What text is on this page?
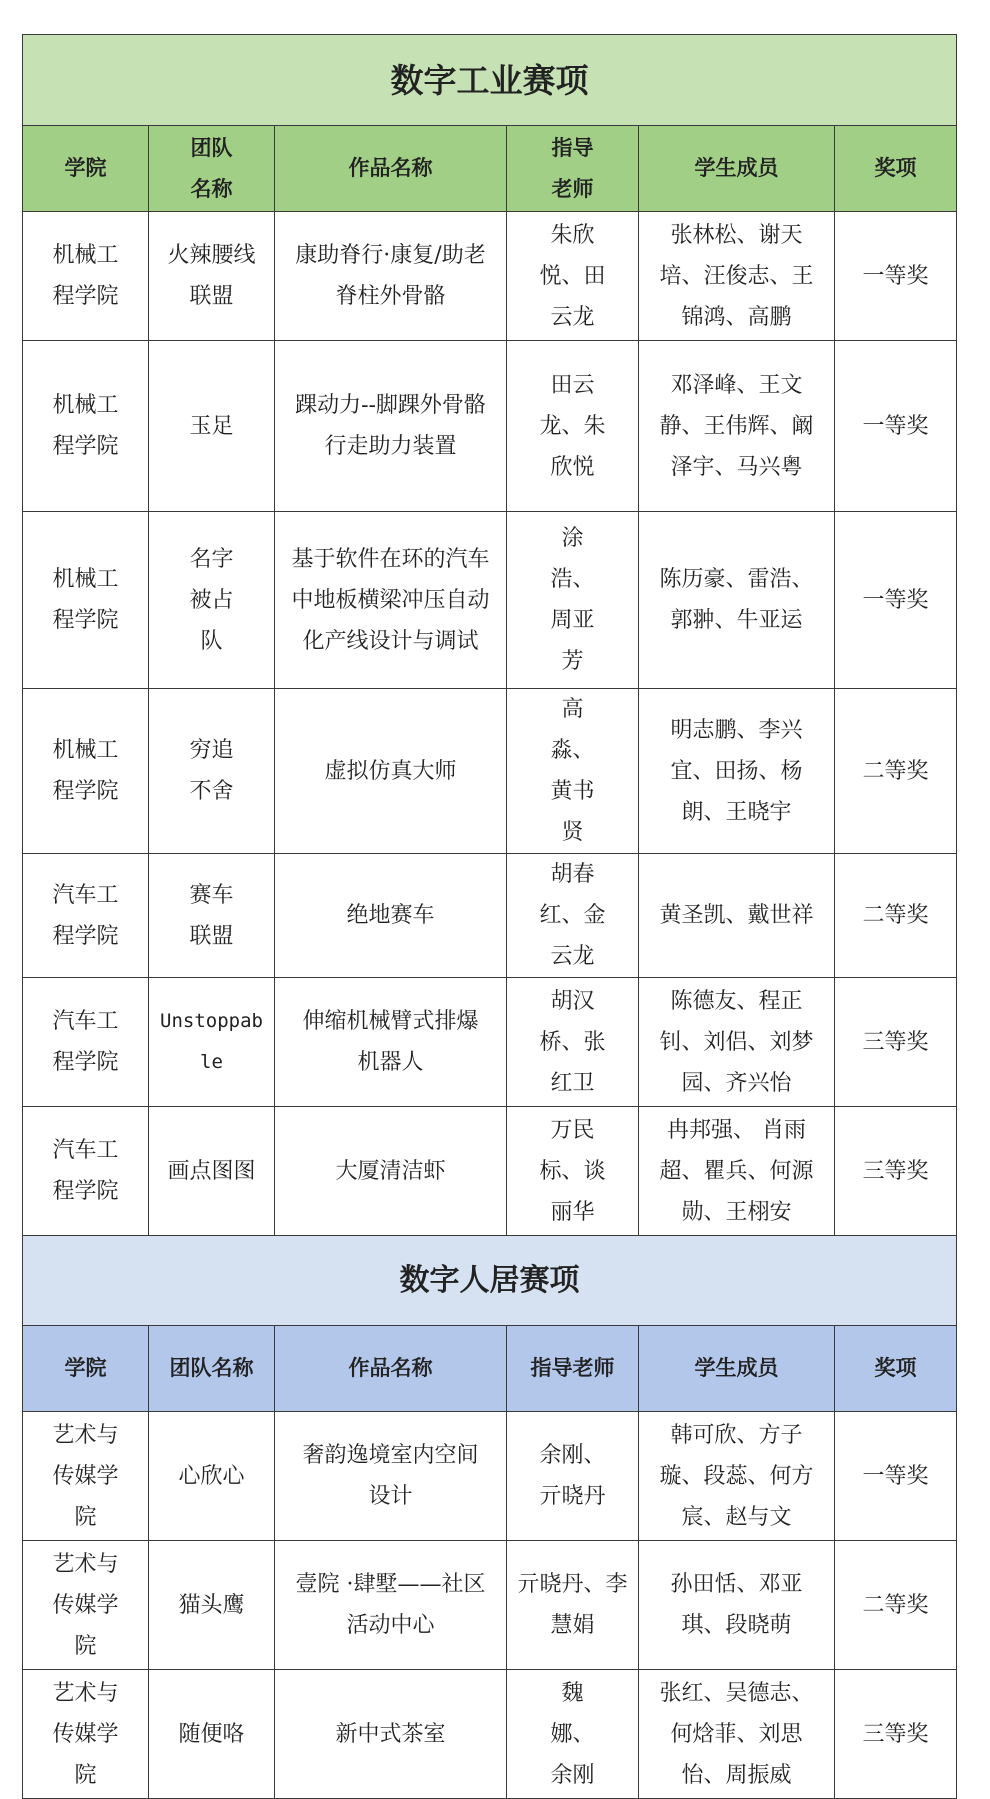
数字工业赛项					
学院	团队名称	作品名称	指导老师	学生成员	奖项
机械工程学院	火辣腰线联盟	康助脊行·康复/助老脊柱外骨骼	朱欣悦、田云龙	张林松、谢天培、汪俊志、王锦鸿、高鹏	一等奖
机械工程学院	玉足	踝动力--脚踝外骨骼行走助力装置	田云龙、朱欣悦	邓泽峰、王文静、王伟辉、阚泽宇、马兴粤	一等奖
机械工程学院	名字被占队	基于软件在环的汽车中地板横梁冲压自动化产线设计与调试	涂浩、周亚芳	陈历豪、雷浩、郭翀、牛亚运	一等奖
机械工程学院	穷追不舍	虚拟仿真大师	高淼、黄书贤	明志鹏、李兴宜、田扬、杨朗、王晓宇	二等奖
汽车工程学院	赛车联盟	绝地赛车	胡春红、金云龙	黄圣凯、戴世祥	二等奖
汽车工程学院	Unstoppable	伸缩机械臂式排爆机器人	胡汉桥、张红卫	陈德友、程正钊、刘侣、刘梦园、齐兴怡	三等奖
汽车工程学院	画点图图	大厦清洁虾	万民标、谈丽华	冉邦强、 肖雨超、瞿兵、何源勋、王栩安	三等奖
数字人居赛项					
学院	团队名称	作品名称	指导老师	学生成员	奖项
艺术与传媒学院	心欣心	奢韵逸境室内空间设计	余刚、亓晓丹	韩可欣、方子璇、段蕊、何方宸、赵与文	一等奖
艺术与传媒学院	猫头鹰	壹院 ·肆墅——社区活动中心	亓晓丹、李慧娟	孙田恬、邓亚琪、段晓萌	二等奖
艺术与传媒学院	随便咯	新中式茶室	魏娜、余刚	张红、吴德志、何焓菲、刘思怡、周振威	三等奖
